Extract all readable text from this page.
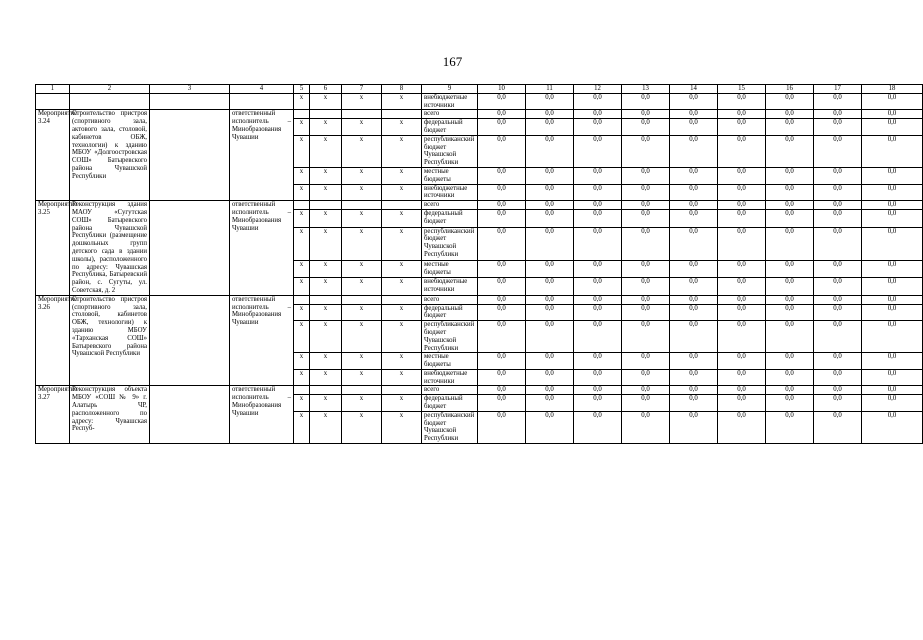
167
1	2	3	4	5	6	7	8	9	10	11	12	13	14	15	16	17	18
				x	x	x	x	внебюджетные источники	0,0	0,0	0,0	0,0	0,0	0,0	0,0	0,0	0,0
Мероприятие 3.24	Строительство пристроя (спортивного зала, актового зала, столовой, кабинетов ОБЖ, технологии) к зданию МБОУ «Долгоостровская СОШ» Батыревского района Чувашской Республики		ответственный исполнитель – Минобразования Чувашии					всего	0,0	0,0	0,0	0,0	0,0	0,0	0,0	0,0	0,0
				x	x	x	x	федеральный бюджет	0,0	0,0	0,0	0,0	0,0	0,0	0,0	0,0	0,0
				x	x	x	x	республиканский бюджет Чувашской Республики	0,0	0,0	0,0	0,0	0,0	0,0	0,0	0,0	0,0
				x	x	x	x	местные бюджеты	0,0	0,0	0,0	0,0	0,0	0,0	0,0	0,0	0,0
				x	x	x	x	внебюджетные источники	0,0	0,0	0,0	0,0	0,0	0,0	0,0	0,0	0,0
Мероприятие 3.25	Реконструкция здания МАОУ «Сугутская СОШ» Батыревского района Чувашской Республики (размещение дошкольных групп детского сада в здании школы), расположенного по адресу: Чувашская Республика, Батыревский район, с. Сугуты, ул. Советская, д. 2		ответственный исполнитель – Минобразования Чувашии					всего	0,0	0,0	0,0	0,0	0,0	0,0	0,0	0,0	0,0
				x	x	x	x	федеральный бюджет	0,0	0,0	0,0	0,0	0,0	0,0	0,0	0,0	0,0
				x	x	x	x	республиканский бюджет Чувашской Республики	0,0	0,0	0,0	0,0	0,0	0,0	0,0	0,0	0,0
				x	x	x	x	местные бюджеты	0,0	0,0	0,0	0,0	0,0	0,0	0,0	0,0	0,0
				x	x	x	x	внебюджетные источники	0,0	0,0	0,0	0,0	0,0	0,0	0,0	0,0	0,0
Мероприятие 3.26	Строительство пристроя (спортивного зала, столовой, кабинетов ОБЖ, технологии) к зданию МБОУ «Тарханская СОШ» Батыревского района Чувашской Республики		ответственный исполнитель – Минобразования Чувашии					всего	0,0	0,0	0,0	0,0	0,0	0,0	0,0	0,0	0,0
				x	x	x	x	федеральный бюджет	0,0	0,0	0,0	0,0	0,0	0,0	0,0	0,0	0,0
				x	x	x	x	республиканский бюджет Чувашской Республики	0,0	0,0	0,0	0,0	0,0	0,0	0,0	0,0	0,0
				x	x	x	x	местные бюджеты	0,0	0,0	0,0	0,0	0,0	0,0	0,0	0,0	0,0
				x	x	x	x	внебюджетные источники	0,0	0,0	0,0	0,0	0,0	0,0	0,0	0,0	0,0
Мероприятие 3.27	Реконструкция объекта МБОУ «СОШ № 9» г. Алатырь ЧР, расположенного по адресу: Чувашская Респуб-		ответственный исполнитель – Минобразования Чувашии					всего	0,0	0,0	0,0	0,0	0,0	0,0	0,0	0,0	0,0
				x	x	x	x	федеральный бюджет	0,0	0,0	0,0	0,0	0,0	0,0	0,0	0,0	0,0
				x	x	x	x	республиканский бюджет Чувашской Республики	0,0	0,0	0,0	0,0	0,0	0,0	0,0	0,0	0,0
